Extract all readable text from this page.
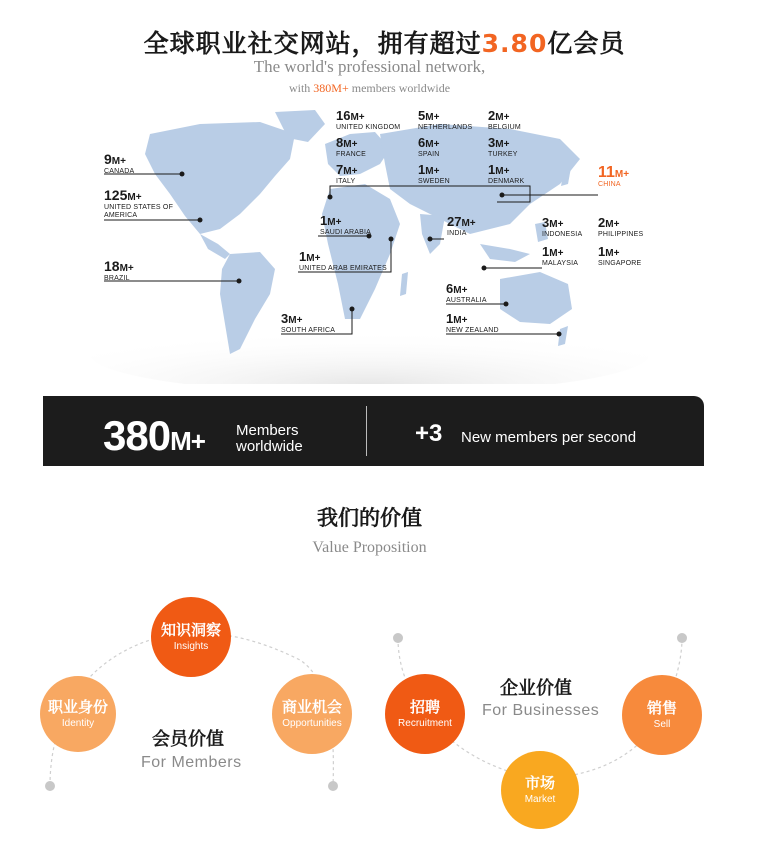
全球职业社交网站，拥有超过3.80亿会员
The world's professional network,
with 380M+ members worldwide
16M+
UNITED KINGDOM
5M+
NETHERLANDS
2M+
BELGIUM
8M+
FRANCE
6M+
SPAIN
3M+
TURKEY
7M+
ITALY
1M+
SWEDEN
1M+
DENMARK
11M+
CHINA
9M+
CANADA
125M+
UNITED STATES OF AMERICA	1M+
SAUDI ARABIA
27M+
INDIA
3M+
INDONESIA
2M+
PHILIPPINES
1M+
UNITED ARAB EMIRATES
1M+
MALAYSIA
1M+
SINGAPORE
18M+
BRAZIL
6M+
AUSTRALIA
3M+
SOUTH AFRICA
1M+
NEW ZEALAND
380M+ Members
worldwide	+3 New members per second
我们的价值
Value Proposition
知识洞察
Insights
职业身份
Identity
商业机会
Opportunities
会员价值
For Members
招聘
Recruitment
市场
Market
销售
Sell
企业价值
For Businesses
